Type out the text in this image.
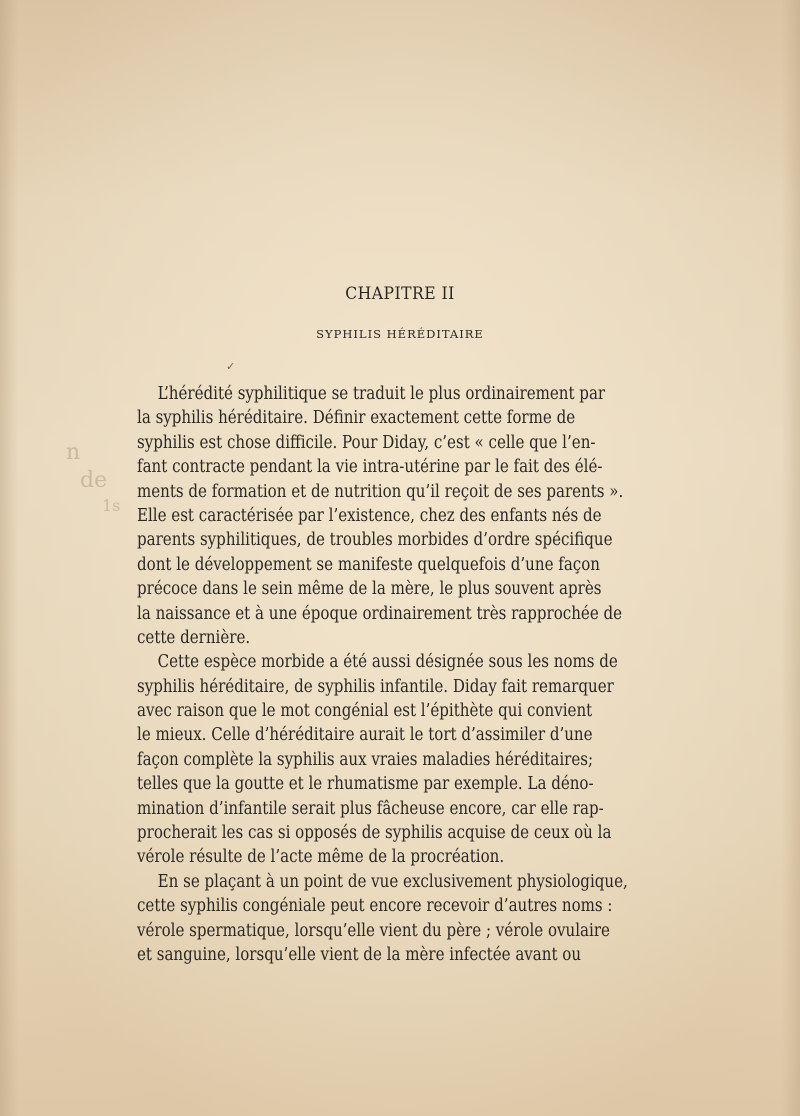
n
de
1s
CHAPITRE II
SYPHILIS HÉRÉDITAIRE
✓
L’hérédité syphilitique se traduit le plus ordinairement par
la syphilis héréditaire. Définir exactement cette forme de
syphilis est chose difficile. Pour Diday, c’est « celle que l’en-
fant contracte pendant la vie intra-utérine par le fait des élé-
ments de formation et de nutrition qu’il reçoit de ses parents ».
Elle est caractérisée par l’existence, chez des enfants nés de
parents syphilitiques, de troubles morbides d’ordre spécifique
dont le développement se manifeste quelquefois d’une façon
précoce dans le sein même de la mère, le plus souvent après
la naissance et à une époque ordinairement très rapprochée de
cette dernière.
Cette espèce morbide a été aussi désignée sous les noms de
syphilis héréditaire, de syphilis infantile. Diday fait remarquer
avec raison que le mot congénial est l’épithète qui convient
le mieux. Celle d’héréditaire aurait le tort d’assimiler d’une
façon complète la syphilis aux vraies maladies héréditaires;
telles que la goutte et le rhumatisme par exemple. La déno-
mination d’infantile serait plus fâcheuse encore, car elle rap-
procherait les cas si opposés de syphilis acquise de ceux où la
vérole résulte de l’acte même de la procréation.
En se plaçant à un point de vue exclusivement physiologique,
cette syphilis congéniale peut encore recevoir d’autres noms :
vérole spermatique, lorsqu’elle vient du père ; vérole ovulaire
et sanguine, lorsqu’elle vient de la mère infectée avant ou
